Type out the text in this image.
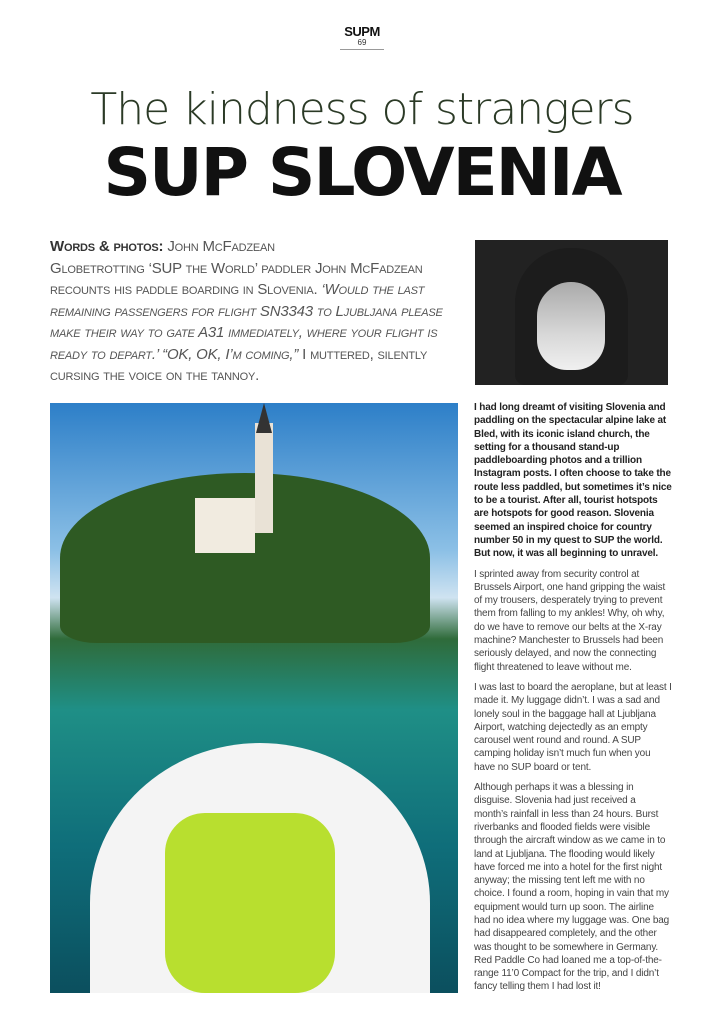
SUPM
69
The kindness of strangers
SUP SLOVENIA
Words & photos: John McFadzean
Globetrotting ‘SUP the World’ paddler John McFadzean recounts his paddle boarding in Slovenia. ‘Would the last remaining passengers for flight SN3343 to Ljubljana please make their way to gate A31 immediately, where your flight is ready to depart.’ “OK, OK, I’m coming,” I muttered, silently cursing the voice on the tannoy.

I had long dreamt of visiting Slovenia and paddling on the spectacular alpine lake at Bled, with its iconic island church, the setting for a thousand stand-up paddleboarding photos and a trillion Instagram posts. I often choose to take the route less paddled, but sometimes it’s nice to be a tourist. After all, tourist hotspots are hotspots for good reason. Slovenia seemed an inspired choice for country number 50 in my quest to SUP the world. But now, it was all beginning to unravel.

I sprinted away from security control at Brussels Airport, one hand gripping the waist of my trousers, desperately trying to prevent them from falling to my ankles! Why, oh why, do we have to remove our belts at the X-ray machine? Manchester to Brussels had been seriously delayed, and now the connecting flight threatened to leave without me.

I was last to board the aeroplane, but at least I made it. My luggage didn’t. I was a sad and lonely soul in the baggage hall at Ljubljana Airport, watching dejectedly as an empty carousel went round and round. A SUP camping holiday isn’t much fun when you have no SUP board or tent.

Although perhaps it was a blessing in disguise. Slovenia had just received a month’s rainfall in less than 24 hours. Burst riverbanks and flooded fields were visible through the aircraft window as we came in to land at Ljubljana. The flooding would likely have forced me into a hotel for the first night anyway; the missing tent left me with no choice. I found a room, hoping in vain that my equipment would turn up soon. The airline had no idea where my luggage was. One bag had disappeared completely, and the other was thought to be somewhere in Germany. Red Paddle Co had loaned me a top-of-the-range 11’0 Compact for the trip, and I didn’t fancy telling them I had lost it!
